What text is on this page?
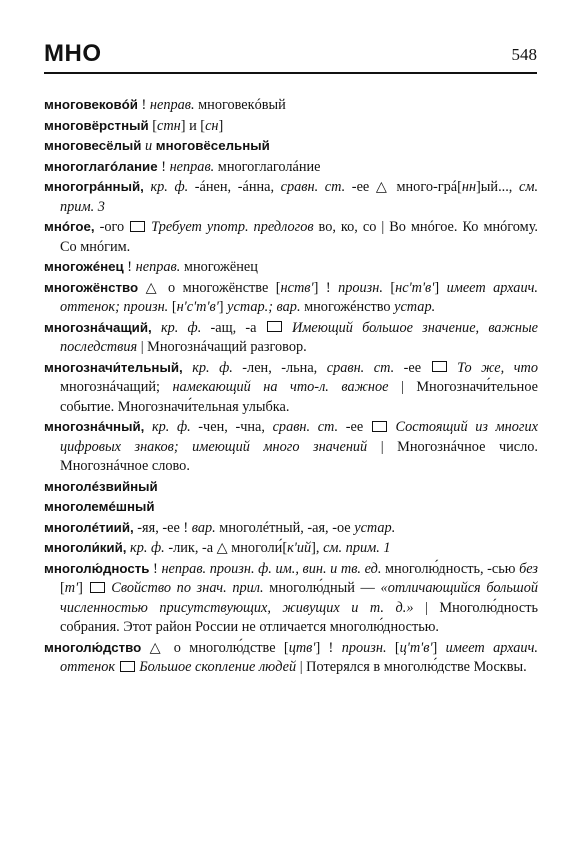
МНО	548
многовековóй ! неправ. многовекóвый
многовёрстный [стн] и [сн]
многовесёлый и многовёсельный
многоглагóлание ! неправ. многоглаголáние
многогрáнный, кр. ф. -áнен, -áнна, сравн. ст. -ее △ много-грá[нн]ый..., см. прим. 3
мнóгое, -ого  Требует употр. предлогов во, ко, со | Во мнóгое. Ко мнóгому. Со мнóгим.
многожéнец ! неправ. многожёнец
многожёнство △ о многожёнстве [нств'] ! произн. [нс'т'в'] имеет архаич. оттенок; произн. [н'с'т'в'] устар.; вар. многожéнство устар.
многознáчащий, кр. ф. -ащ, -а  Имеющий большое значение, важные последствия | Многознáчащий разговор.
многозначи́тельный, кр. ф. -лен, -льна, сравн. ст. -ее  То же, что многознáчащий; намекающий на что-л. важное | Многозначи́тельное событие. Многозначи́тельная улыбка.
многознáчный, кр. ф. -чен, -чна, сравн. ст. -ее  Состоящий из многих цифровых знаков; имеющий много значений | Многознáчное число. Многознáчное слово.
многолéзвийный
многолемéшный
многолéтиий, -яя, -ее ! вар. многолéтный, -ая, -ое устар.
многоли́кий, кр. ф. -лик, -а △ многоли́[к'ий], см. прим. 1
многолю́дность ! неправ. произн. ф. им., вин. и тв. ед. многолю́дность, -сью без [т']  Свойство по знач. прил. многолю́дный — «отличающийся большой численностью присутствующих, живущих и т. д.» | Многолю́дность собрания. Этот район России не отличается многолю́дностью.
многолю́дство △ о многолю́дстве [цтв'] ! произн. [ц'т'в'] имеет архаич. оттенок Большое скопление людей | Потерялся в многолю́дстве Москвы.
